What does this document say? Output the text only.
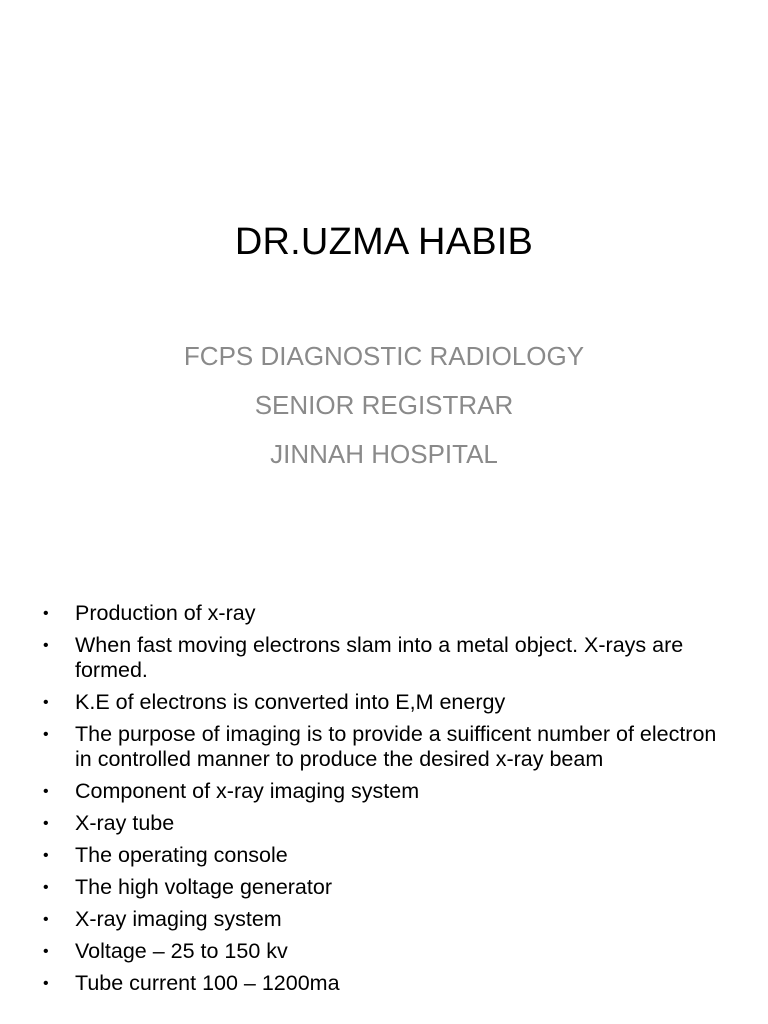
DR.UZMA HABIB
FCPS DIAGNOSTIC RADIOLOGY
SENIOR REGISTRAR
JINNAH HOSPITAL
• Production of x-ray
• When fast moving electrons slam into a metal object. X-rays are formed.
• K.E of electrons is converted into E,M energy
• The purpose of imaging is to provide a suifficent number of electron in controlled manner to produce the desired x-ray beam
• Component of x-ray imaging system
• X-ray tube
• The operating console
• The high voltage generator
• X-ray imaging system
• Voltage – 25 to 150 kv
• Tube current 100 – 1200ma
